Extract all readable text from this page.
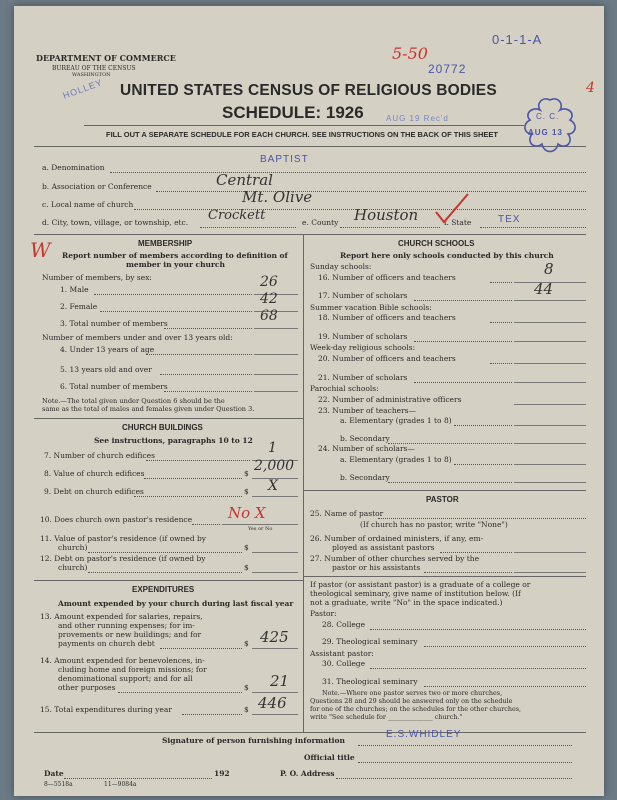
DEPARTMENT OF COMMERCE
BUREAU OF THE CENSUS
WASHINGTON
UNITED STATES CENSUS OF RELIGIOUS BODIES
SCHEDULE: 1926
FILL OUT A SEPARATE SCHEDULE FOR EACH CHURCH. SEE INSTRUCTIONS ON THE BACK OF THIS SHEET
0-1-1-A
5-50
20772
HOLLEY
AUG 19 Rec'd
4
C. C.
AUG 13
a. Denomination
BAPTIST
b. Association or Conference	Central
c. Local name of church	Mt. Olive
d. City, town, village, or township, etc. Crockett	e. County Houston	f. State	TEX
W	MEMBERSHIP
Report number of members according to definition of
member in your church
Number of members, by sex:
1. Male	26
2. Female	42
3. Total number of members	68
Number of members under and over 13 years old:
4. Under 13 years of age
5. 13 years old and over
6. Total number of members
Note.—The total given under Question 6 should be the
same as the total of males and females given under Question 3.
CHURCH BUILDINGS
See instructions, paragraphs 10 to 12
7. Number of church edifices	1
8. Value of church edifices	$ 2,000
9. Debt on church edifices	$ X
10. Does church own pastor's residence No X
Yes or No
11. Value of pastor's residence (if owned by
church)	$
12. Debt on pastor's residence (if owned by
church)	$
EXPENDITURES
Amount expended by your church during last fiscal year
13. Amount expended for salaries, repairs,
and other running expenses; for im-
provements or new buildings; and for
payments on church debt	$ 425
14. Amount expended for benevolences, in-
cluding home and foreign missions; for
denominational support; and for all
other purposes	$ 21
15. Total expenditures during year	$ 446
CHURCH SCHOOLS
Report here only schools conducted by this church
Sunday schools:
16. Number of officers and teachers	8
17. Number of scholars	44
Summer vacation Bible schools:
18. Number of officers and teachers
19. Number of scholars
Week-day religious schools:
20. Number of officers and teachers
21. Number of scholars
Parochial schools:
22. Number of administrative officers
23. Number of teachers—
a. Elementary (grades 1 to 8)
b. Secondary
24. Number of scholars—
a. Elementary (grades 1 to 8)
b. Secondary
PASTOR
25. Name of pastor
(If church has no pastor, write "None")
26. Number of ordained ministers, if any, em-
ployed as assistant pastors
27. Number of other churches served by the
pastor or his assistants
If pastor (or assistant pastor) is a graduate of a college or
theological seminary, give name of institution below. (If
not a graduate, write "No" in the space indicated.)
Pastor:
28. College
29. Theological seminary
Assistant pastor:
30. College
31. Theological seminary
Note.—Where one pastor serves two or more churches,
Questions 28 and 29 should be answered only on the schedule
for one of the churches; on the schedules for the other churches,
write "See schedule for ______________ church."
Signature of person furnishing information
E.S.WHIDLEY
Official title
Date	192	P. O. Address
8—5518a	11—9084a
